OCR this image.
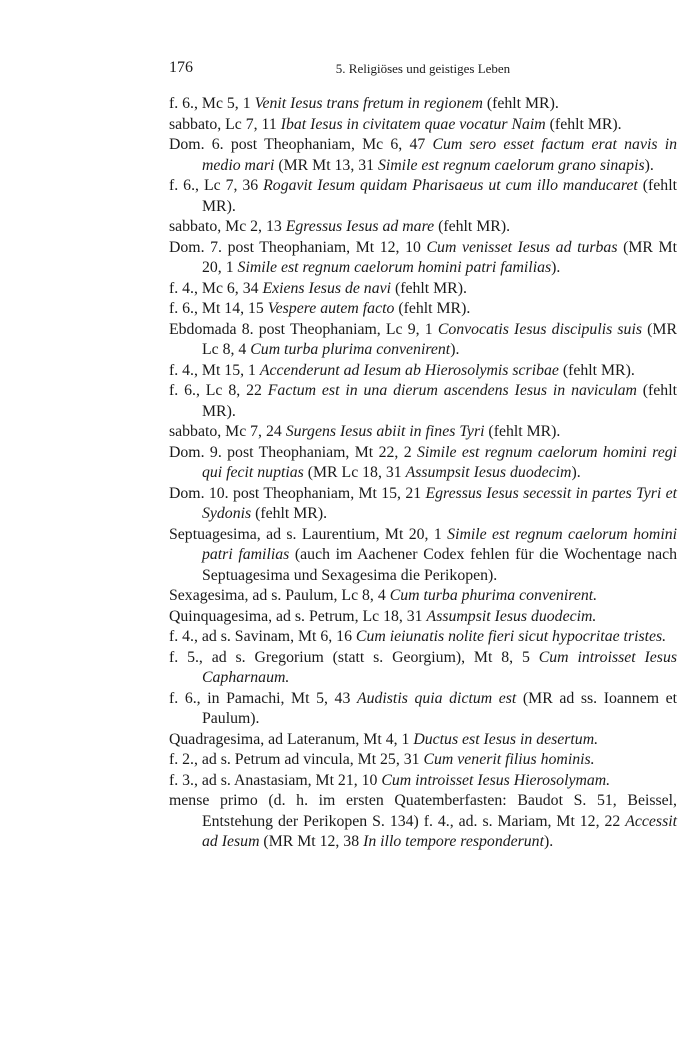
176	5. Religiöses und geistiges Leben

f. 6., Mc 5, 1 Venit Iesus trans fretum in regionem (fehlt MR).

sabbato, Lc 7, 11 Ibat Iesus in civitatem quae vocatur Naim (fehlt MR).

Dom. 6. post Theophaniam, Mc 6, 47 Cum sero esset factum erat navis in medio mari (MR Mt 13, 31 Simile est regnum caelorum grano sinapis).

f. 6., Lc 7, 36 Rogavit Iesum quidam Pharisaeus ut cum illo manducaret (fehlt MR).

sabbato, Mc 2, 13 Egressus Iesus ad mare (fehlt MR).

Dom. 7. post Theophaniam, Mt 12, 10 Cum venisset Iesus ad turbas (MR Mt 20, 1 Simile est regnum caelorum homini patri familias).

f. 4., Mc 6, 34 Exiens Iesus de navi (fehlt MR).

f. 6., Mt 14, 15 Vespere autem facto (fehlt MR).

Ebdomada 8. post Theophaniam, Lc 9, 1 Convocatis Iesus discipulis suis (MR Lc 8, 4 Cum turba plurima convenirent).

f. 4., Mt 15, 1 Accenderunt ad Iesum ab Hierosolymis scribae (fehlt MR).

f. 6., Lc 8, 22 Factum est in una dierum ascendens Iesus in naviculam (fehlt MR).

sabbato, Mc 7, 24 Surgens Iesus abiit in fines Tyri (fehlt MR).

Dom. 9. post Theophaniam, Mt 22, 2 Simile est regnum caelorum homini regi qui fecit nuptias (MR Lc 18, 31 Assumpsit Iesus duodecim).

Dom. 10. post Theophaniam, Mt 15, 21 Egressus Iesus secessit in partes Tyri et Sydonis (fehlt MR).

Septuagesima, ad s. Laurentium, Mt 20, 1 Simile est regnum caelorum homini patri familias (auch im Aachener Codex fehlen für die Wochentage nach Septuagesima und Sexagesima die Perikopen).

Sexagesima, ad s. Paulum, Lc 8, 4 Cum turba phurima convenirent.

Quinquagesima, ad s. Petrum, Lc 18, 31 Assumpsit Iesus duodecim.

f. 4., ad s. Savinam, Mt 6, 16 Cum ieiunatis nolite fieri sicut hypocritae tristes.

f. 5., ad s. Gregorium (statt s. Georgium), Mt 8, 5 Cum introisset Iesus Capharnaum.

f. 6., in Pamachi, Mt 5, 43 Audistis quia dictum est (MR ad ss. Ioannem et Paulum).

Quadragesima, ad Lateranum, Mt 4, 1 Ductus est Iesus in desertum.

f. 2., ad s. Petrum ad vincula, Mt 25, 31 Cum venerit filius hominis.

f. 3., ad s. Anastasiam, Mt 21, 10 Cum introisset Iesus Hierosolymam.

mense primo (d. h. im ersten Quatemberfasten: Baudot S. 51, Beissel, Entstehung der Perikopen S. 134) f. 4., ad. s. Mariam, Mt 12, 22 Accessit ad Iesum (MR Mt 12, 38 In illo tempore responderunt).
